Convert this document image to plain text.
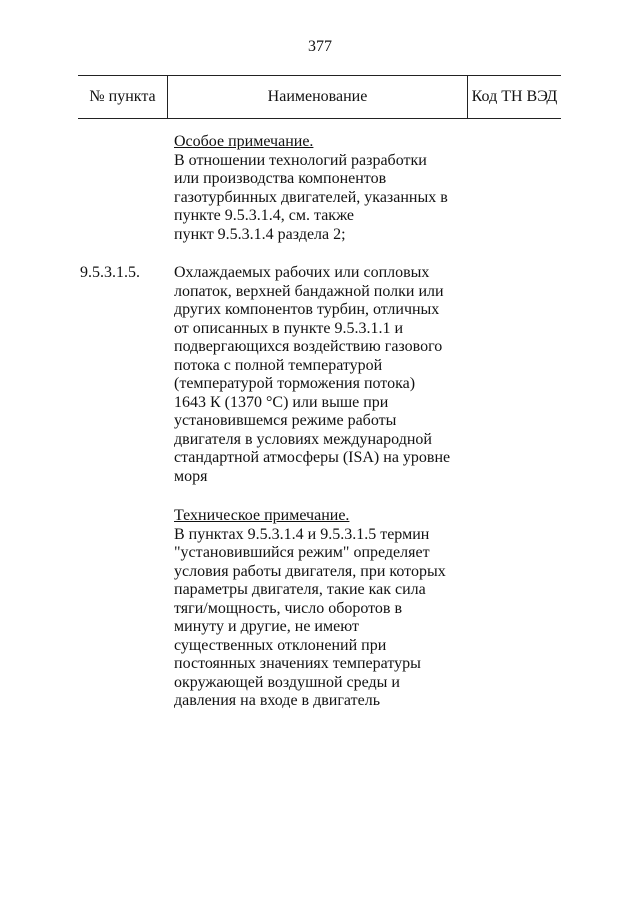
377
№ пункта	Наименование	Код ТН ВЭД
Особое примечание.
В отношении технологий разработки
или производства компонентов
газотурбинных двигателей, указанных в
пункте 9.5.3.1.4, см. также
пункт 9.5.3.1.4 раздела 2;
9.5.3.1.5. Охлаждаемых рабочих или сопловых
лопаток, верхней бандажной полки или
других компонентов турбин, отличных
от описанных в пункте 9.5.3.1.1 и
подвергающихся воздействию газового
потока с полной температурой
(температурой торможения потока)
1643 К (1370 °С) или выше при
установившемся режиме работы
двигателя в условиях международной
стандартной атмосферы (ISA) на уровне
моря
Техническое примечание.
В пунктах 9.5.3.1.4 и 9.5.3.1.5 термин
"установившийся режим" определяет
условия работы двигателя, при которых
параметры двигателя, такие как сила
тяги/мощность, число оборотов в
минуту и другие, не имеют
существенных отклонений при
постоянных значениях температуры
окружающей воздушной среды и
давления на входе в двигатель
